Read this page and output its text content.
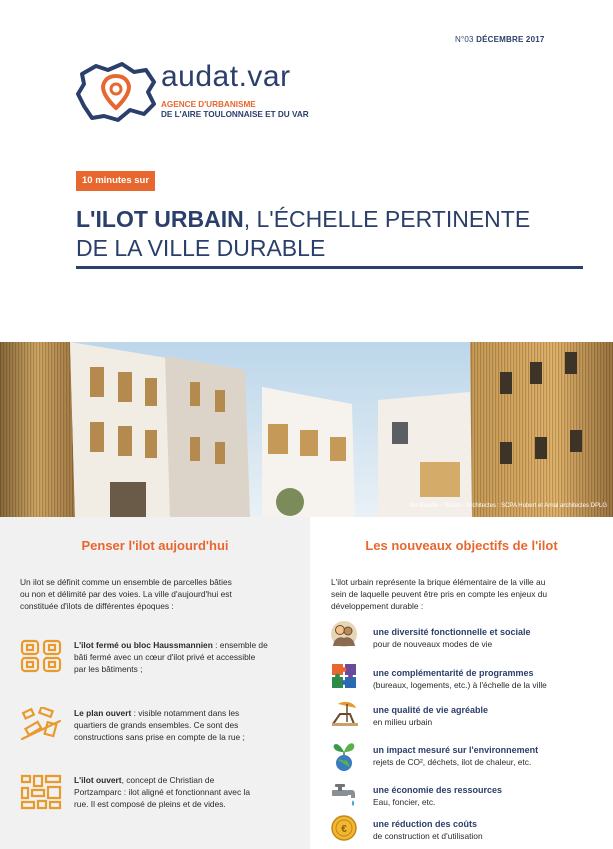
N°03 DÉCEMBRE 2017
audat.var
AGENCE D'URBANISME
DE L'AIRE TOULONNAISE ET DU VAR
10 minutes sur
L'ILOT URBAIN, L'ÉCHELLE PERTINENTE
DE LA VILLE DURABLE
Ilot Baudin - Toulon - Architectes : SCPA Hubert et Arnal architectes DPLG
Penser l'ilot aujourd'hui	Les nouveaux objectifs de l'ilot
Un ilot se définit comme un ensemble de parcelles bâties
ou non et délimité par des voies. La ville d'aujourd'hui est
constituée d'ilots de différentes époques :
L'ilot fermé ou bloc Haussmannien : ensemble de
bâti fermé avec un cœur d'ilot privé et accessible
par les bâtiments ;
Le plan ouvert : visible notamment dans les
quartiers de grands ensembles. Ce sont des
constructions sans prise en compte de la rue ;
L'ilot ouvert, concept de Christian de
Portzamparc : ilot aligné et fonctionnant avec la
rue. Il est composé de pleins et de vides.
L'ilot urbain représente la brique élémentaire de la ville au
sein de laquelle peuvent être pris en compte les enjeux du
développement durable :
une diversité fonctionnelle et sociale
pour de nouveaux modes de vie
une complémentarité de programmes
(bureaux, logements, etc.) à l'échelle de la ville
une qualité de vie agréable
en milieu urbain
un impact mesuré sur l'environnement
rejets de CO², déchets, ilot de chaleur, etc.
une économie des ressources
Eau, foncier, etc.
€	une réduction des coûts
de construction et d'utilisation
